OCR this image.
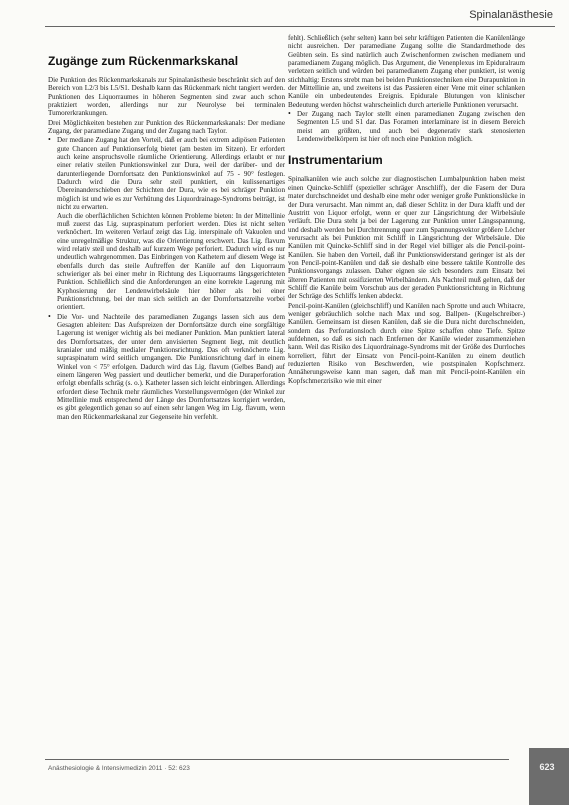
Spinalanästhesie
Zugänge zum Rückenmarkskanal

Die Punktion des Rückenmarkskanals zur Spinalanästhesie beschränkt sich auf den Bereich von L2/3 bis L5/S1. Deshalb kann das Rückenmark nicht tangiert werden. Punktionen des Liquorraumes in höheren Segmenten sind zwar auch schon praktiziert worden, allerdings nur zur Neurolyse bei terminalen Tumorerkrankungen.

Drei Möglichkeiten bestehen zur Punktion des Rückenmarkskanals: Der mediane Zugang, der paramediane Zugang und der Zugang nach Taylor.

• Der mediane Zugang hat den Vorteil, daß er auch bei extrem adipösen Patienten gute Chancen auf Punktionserfolg bietet (am besten im Sitzen). Er erfordert auch keine anspruchsvolle räumliche Orientierung. Allerdings erlaubt er nur einer relativ steilen Punktionswinkel zur Dura, weil der darüber- und der darunterliegende Dornfortsatz den Punktionswinkel auf 75 - 90° festlegen. Dadurch wird die Dura sehr steil punktiert, ein kulissenartiges Übereinanderschieben der Schichten der Dura, wie es bei schräger Punktion möglich ist und wie es zur Verhütung des Liquordrainage-Syndroms beiträgt, ist nicht zu erwarten.

Auch die oberflächlichen Schichten können Probleme bieten: In der Mittellinie muß zuerst das Lig. supraspinatum perforiert werden. Dies ist nicht selten verknöchert. Im weiteren Verlauf zeigt das Lig. interspinale oft Vakuolen und eine unregelmäßige Struktur, was die Orientierung erschwert. Das Lig. flavum wird relativ steil und deshalb auf kurzem Wege perforiert. Dadurch wird es nur undeutlich wahrgenommen. Das Einbringen von Kathetern auf diesem Wege ist ebenfalls durch das steile Auftreffen der Kanüle auf den Liquorraum schwieriger als bei einer mehr in Richtung des Liquorraums längsgerichteten Punktion. Schließlich sind die Anforderungen an eine korrekte Lagerung mit Kyphosierung der Lendenwirbelsäule hier höher als bei einer Punktionsrichtung, bei der man sich seitlich an der Dornfortsatzreihe vorbei orientiert.

• Die Vor- und Nachteile des paramedianen Zugangs lassen sich aus dem Gesagten ableiten: Das Aufspreizen der Dornfortsätze durch eine sorgfältige Lagerung ist weniger wichtig als bei medianer Punktion. Man punktiert lateral des Dornfortsatzes, der unter dem anvisierten Segment liegt, mit deutlich kranialer und mäßig medialer Punktionsrichtung. Das oft verknöcherte Lig. supraspinatum wird seitlich umgangen. Die Punktionsrichtung darf in einem Winkel von < 75° erfolgen. Dadurch wird das Lig. flavum (Gelbes Band) auf einem längeren Weg passiert und deutlicher bemerkt, und die Duraperforation erfolgt ebenfalls schräg (s. o.). Katheter lassen sich leicht einbringen. Allerdings erfordert diese Technik mehr räumliches Vorstellungsvermögen (der Winkel zur Mittellinie muß entsprechend der Länge des Dornfortsatzes korrigiert werden, es gibt gelegentlich genau so auf einen sehr langen Weg im Lig. flavum, wenn man den Rückenmarkskanal zur Gegenseite hin verfehlt.

fehlt). Schließlich (sehr selten) kann bei sehr kräftigen Patienten die Kanülenlänge nicht ausreichen. Der paramediane Zugang sollte die Standardmethode des Geübten sein. Es sind natürlich auch Zwischenformen zwischen medianem und paramedianem Zugang möglich. Das Argument, die Venenplexus im Epiduralraum verletzen seitlich und würden bei paramedianem Zugang eher punktiert, ist wenig stichhaltig: Erstens strebt man bei beiden Punktionstechniken eine Durapunktion in der Mittellinie an, und zweitens ist das Passieren einer Vene mit einer schlanken Kanüle ein unbedeutendes Ereignis. Epidurale Blutungen von klinischer Bedeutung werden höchst wahrscheinlich durch arterielle Punktionen verursacht.

• Der Zugang nach Taylor stellt einen paramedianen Zugang zwischen den Segmenten L5 und S1 dar. Das Foramen interlaminare ist in diesem Bereich meist am größten, und auch bei degenerativ stark stenosierten Lendenwirbelkörpern ist hier oft noch eine Punktion möglich.

Instrumentarium

Spinalkanülen wie auch solche zur diagnostischen Lumbalpunktion haben meist einen Quincke-Schliff (spezieller schräger Anschliff), der die Fasern der Dura mater durchschneidet und deshalb eine mehr oder weniger große Punktionslücke in der Dura verursacht. Man nimmt an, daß dieser Schlitz in der Dura klafft und der Austritt von Liquor erfolgt, wenn er quer zur Längsrichtung der Wirbelsäule verläuft. Die Dura steht ja bei der Lagerung zur Punktion unter Längsspannung, und deshalb werden bei Durchtrennung quer zum Spannungsvektor größere Löcher verursacht als bei Punktion mit Schliff in Längsrichtung der Wirbelsäule. Die Kanülen mit Quincke-Schliff sind in der Regel viel billiger als die Pencil-point-Kanülen. Sie haben den Vorteil, daß ihr Punktionswiderstand geringer ist als der von Pencil-point-Kanülen und daß sie deshalb eine bessere taktile Kontrolle des Punktionsvorgangs zulassen. Daher eignen sie sich besonders zum Einsatz bei älteren Patienten mit ossifizierten Wirbelbändern. Als Nachteil muß gelten, daß der Schliff die Kanüle beim Vorschub aus der geraden Punktionsrichtung in Richtung der Schräge des Schliffs lenken abdeckt.

Pencil-point-Kanülen (gleichschliff) und Kanülen nach Sprotte und auch Whitacre, weniger gebräuchlich solche nach Max und sog. Ballpen- (Kugelschreiber-) Kanülen. Gemeinsam ist diesen Kanülen, daß sie die Dura nicht durchschneiden, sondern das Perforationsloch durch eine Spitze schaffen ohne Tiefe. Spitze aufdehnen, so daß es sich nach Entfernen der Kanüle wieder zusammenziehen kann. Weil das Risiko des Liquordrainage-Syndroms mit der Größe des Durrloches korreliert, führt der Einsatz von Pencil-point-Kanülen zu einem deutlich reduzierten Risiko von Beschwerden, wie postspinalen Kopfschmerz. Annäherungsweise kann man sagen, daß man mit Pencil-point-Kanülen ein Kopfschmerzrisiko wie mit einer

Anästhesiologie & Intensivmedizin 2011 · 52: 623	623
